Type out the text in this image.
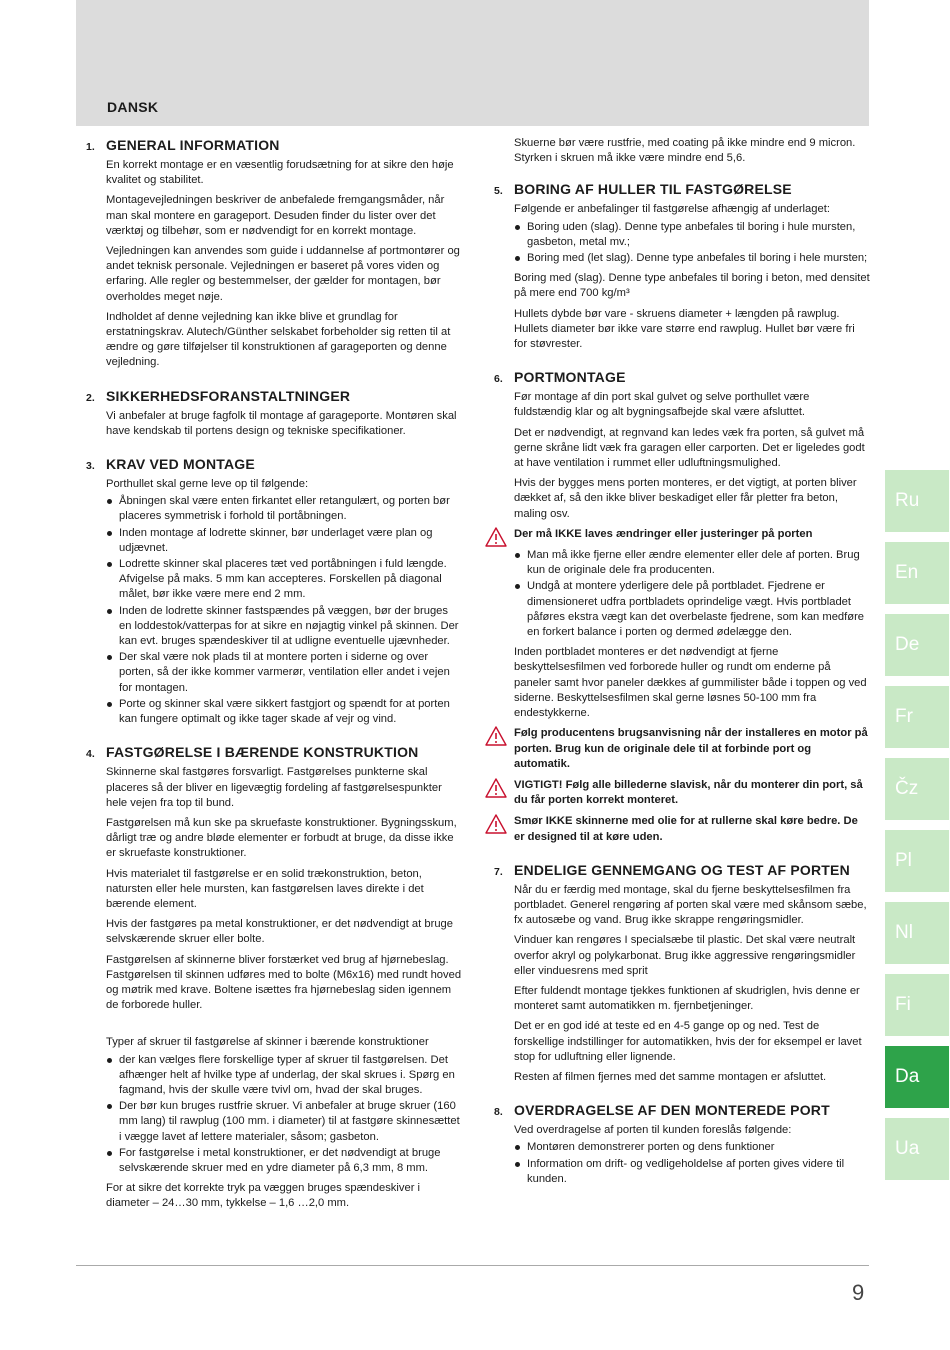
DANSK
1. GENERAL INFORMATION

En korrekt montage er en væsentlig forudsætning for at sikre den høje kvalitet og stabilitet.

Montagevejledningen beskriver de anbefalede fremgangsmåder, når man skal montere en garageport. Desuden finder du lister over det værktøj og tilbehør, som er nødvendigt for en korrekt montage.

Vejledningen kan anvendes som guide i uddannelse af portmontører og andet teknisk personale. Vejledningen er baseret på vores viden og erfaring. Alle regler og bestemmelser, der gælder for montagen, bør overholdes meget nøje.

Indholdet af denne vejledning kan ikke blive et grundlag for erstatningskrav. Alutech/Günther selskabet forbeholder sig retten til at ændre og gøre tilføjelser til konstruktionen af garageporten og denne vejledning.

2. SIKKERHEDSFORANSTALTNINGER

Vi anbefaler at bruge fagfolk til montage af garageporte. Montøren skal have kendskab til portens design og tekniske specifikationer.

3. KRAV VED MONTAGE

Porthullet skal gerne leve op til følgende:

Åbningen skal være enten firkantet eller retangulært, og porten bør placeres symmetrisk i forhold til portåbningen.
Inden montage af lodrette skinner, bør underlaget være plan og udjævnet.
Lodrette skinner skal placeres tæt ved portåbningen i fuld længde. Afvigelse på maks. 5 mm kan accepteres. Forskellen på diagonal målet, bør ikke være mere end 2 mm.
Inden de lodrette skinner fastspændes på væggen, bør der bruges en loddestok/vatterpas for at sikre en nøjagtig vinkel på skinnen. Der kan evt. bruges spændeskiver til at udligne eventuelle ujævnheder.
Der skal være nok plads til at montere porten i siderne og over porten, så der ikke kommer varmerør, ventilation eller andet i vejen for montagen.
Porte og skinner skal være sikkert fastgjort og spændt for at porten kan fungere optimalt og ikke tager skade af vejr og vind.
4. FASTGØRELSE I BÆRENDE KONSTRUKTION

Skinnerne skal fastgøres forsvarligt. Fastgørelses punkterne skal placeres så der bliver en ligevægtig fordeling af fastgørelsespunkter hele vejen fra top til bund.

Fastgørelsen må kun ske pa skruefaste konstruktioner. Bygningsskum, dårligt træ og andre bløde elementer er forbudt at bruge, da disse ikke er skruefaste konstruktioner.

Hvis materialet til fastgørelse er en solid trækonstruktion, beton, natursten eller hele mursten, kan fastgørelsen laves direkte i det bærende element.

Hvis der fastgøres pa metal konstruktioner, er det nødvendigt at bruge selvskærende skruer eller bolte.

Fastgørelsen af skinnerne bliver forstærket ved brug af hjørnebeslag. Fastgørelsen til skinnen udføres med to bolte (M6x16) med rundt hoved og møtrik med krave. Boltene isættes fra hjørnebeslag siden igennem de forborede huller.

Typer af skruer til fastgørelse af skinner i bærende konstruktioner

der kan vælges flere forskellige typer af skruer til fastgørelsen. Det afhænger helt af hvilke type af underlag, der skal skrues i. Spørg en fagmand, hvis der skulle være tvivl om, hvad der skal bruges.
Der bør kun bruges rustfrie skruer. Vi anbefaler at bruge skruer (160 mm lang) til rawplug (100 mm. i diameter) til at fastgøre skinnesættet i væggе lavet af lettere materialer, såsom; gasbeton.
For fastgørelse i metal konstruktioner, er det nødvendigt at bruge selvskærende skruer med en ydre diameter på 6,3 mm, 8 mm.

For at sikre det korrekte tryk pa væggen bruges spændeskiver i diameter – 24…30 mm, tykkelse – 1,6 …2,0 mm.

Skuerne bør være rustfrie, med coating på ikke mindre end 9 micron. Styrken i skruen må ikke være mindre end 5,6.

5. BORING AF HULLER TIL FASTGØRELSE

Følgende er anbefalinger til fastgørelse afhængig af underlaget:

Boring uden (slag). Denne type anbefales til boring i hule mursten, gasbeton, metal mv.;
Boring med (let slag). Denne type anbefales til boring i hele mursten;

Boring med (slag). Denne type anbefales til boring i beton, med densitet på mere end 700 kg/m³

Hullets dybde bør vare - skruens diameter + længden på rawplug. Hullets diameter bør ikke vare større end rawplug. Hullet bør være fri for støvrester.

6. PORTMONTAGE

Før montage af din port skal gulvet og selve porthullet være fuldstændig klar og alt bygningsafbejde skal være afsluttet.

Det er nødvendigt, at regnvand kan ledes væk fra porten, så gulvet må gerne skråne lidt væk fra garagen eller carporten. Det er ligeledes godt at have ventilation i rummet eller udluftningsmulighed.

Hvis der bygges mens porten monteres, er det vigtigt, at porten bliver dækket af, så den ikke bliver beskadiget eller får pletter fra beton, maling osv.

Der må IKKE laves ændringer eller justeringer på porten
Man må ikke fjerne eller ændre elementer eller dele af porten. Brug kun de originale dele fra producenten.
Undgå at montere yderligere dele på portbladet. Fjedrene er dimensioneret udfra portbladets oprindelige vægt. Hvis portbladet påføres ekstra vægt kan det overbelaste fjedrene, som kan medføre en forkert balance i porten og dermed ødelægge den.

Inden portbladet monteres er det nødvendigt at fjerne beskyttelsesfilmen ved forborede huller og rundt om enderne på paneler samt hvor paneler dækkes af gummilister både i toppen og ved siderne. Beskyttelsesfilmen skal gerne løsnes 50-100 mm fra endestykkerne.

Følg producentens brugsanvisning når der installeres en motor på porten. Brug kun de originale dele til at forbinde port og automatik.
VIGTIGT! Følg alle billederne slavisk, når du monterer din port, så du får porten korrekt monteret.
Smør IKKE skinnerne med olie for at rullerne skal køre bedre. De er designed til at køre uden.
7. ENDELIGE GENNEMGANG OG TEST AF PORTEN

Når du er færdig med montage, skal du fjerne beskyttelsesfilmen fra portbladet. Generel rengøring af porten skal være med skånsom sæbe, fx autosæbe og vand. Brug ikke skrappe rengøringsmidler.

Vinduer kan rengøres I specialsæbe til plastic. Det skal være neutralt overfor akryl og polykarbonat. Brug ikke aggressive rengøringsmidler eller vinduesrens med sprit

Efter fuldendt montage tjekkes funktionen af skudriglen, hvis denne er monteret samt automatikken m. fjernbetjeninger.

Det er en god idé at teste ed en 4-5 gange op og ned. Test de forskellige indstillinger for automatikken, hvis der for eksempel er lavet stop for udluftning eller lignende.

Resten af filmen fjernes med det samme montagen er afsluttet.

8. OVERDRAGELSE AF DEN MONTEREDE PORT

Ved overdragelse af porten til kunden foreslås følgende:

Montøren demonstrerer porten og dens funktioner
Information om drift- og vedligeholdelse af porten gives videre til kunden.
Ru
En
De
Fr
Čz
Pl
Nl
Fi
Da
Ua
9
